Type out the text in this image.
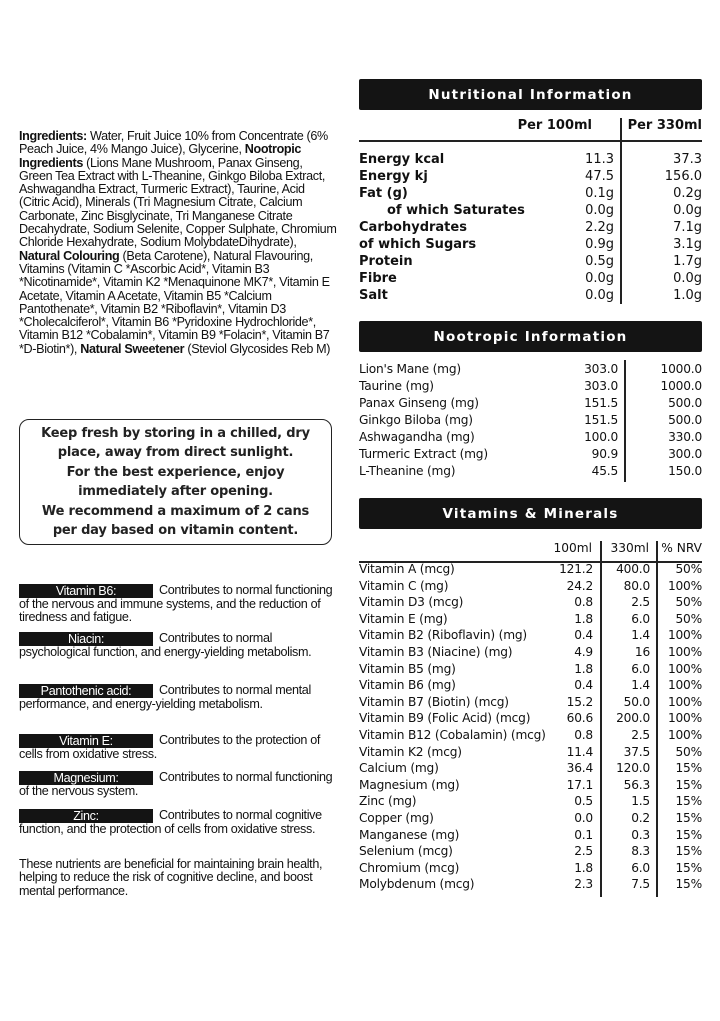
Ingredients: Water, Fruit Juice 10% from Concentrate (6% Peach Juice, 4% Mango Juice), Glycerine, Nootropic Ingredients (Lions Mane Mushroom, Panax Ginseng, Green Tea Extract with L-Theanine, Ginkgo Biloba Extract, Ashwagandha Extract, Turmeric Extract), Taurine, Acid (Citric Acid), Minerals (Tri Magnesium Citrate, Calcium Carbonate, Zinc Bisglycinate, Tri Manganese Citrate Decahydrate, Sodium Selenite, Copper Sulphate, Chromium Chloride Hexahydrate, Sodium MolybdateDihydrate), Natural Colouring (Beta Carotene), Natural Flavouring, Vitamins (Vitamin C *Ascorbic Acid*, Vitamin B3 *Nicotinamide*, Vitamin K2 *Menaquinone MK7*, Vitamin E Acetate, Vitamin A Acetate, Vitamin B5 *Calcium Pantothenate*, Vitamin B2 *Riboflavin*, Vitamin D3 *Cholecalciferol*, Vitamin B6 *Pyridoxine Hydrochloride*, Vitamin B12 *Cobalamin*, Vitamin B9 *Folacin*, Vitamin B7 *D-Biotin*), Natural Sweetener (Steviol Glycosides Reb M)

Keep fresh by storing in a chilled, dry
place, away from direct sunlight.
For the best experience, enjoy
immediately after opening.
We recommend a maximum of 2 cans
per day based on vitamin content.

Vitamin B6:	Contributes to normal functioning of the nervous and immune systems, and the reduction of tiredness and fatigue.
Niacin:	Contributes to normal psychological function, and energy-yielding metabolism.
Pantothenic acid: Contributes to normal mental performance, and energy-yielding metabolism.
Vitamin E:	Contributes to the protection of cells from oxidative stress.
Magnesium:	Contributes to normal functioning of the nervous system.
Zinc:	Contributes to normal cognitive function, and the protection of cells from oxidative stress.
These nutrients are beneficial for maintaining brain health, helping to reduce the risk of cognitive decline, and boost mental performance.
Nutritional Information
Per 100ml	Per 330ml
Energy kcal	11.3	37.3
Energy kj	47.5	156.0
Fat (g)	0.1g	0.2g
of which Saturates	0.0g	0.0g
Carbohydrates	2.2g	7.1g
of which Sugars	0.9g	3.1g
Protein	0.5g	1.7g
Fibre	0.0g	0.0g
Salt	0.0g	1.0g
Nootropic Information
Lion's Mane (mg)	303.0	1000.0
Taurine (mg)	303.0	1000.0
Panax Ginseng (mg)	151.5	500.0
Ginkgo Biloba (mg)	151.5	500.0
Ashwagandha (mg)	100.0	330.0
Turmeric Extract (mg)	90.9	300.0
L-Theanine (mg)	45.5	150.0
Vitamins & Minerals
100ml 330ml % NRV
Vitamin A (mcg)	121.2 400.0 50%
Vitamin C (mg)	24.2	80.0 100%
Vitamin D3 (mcg)	0.8	2.5 50%
Vitamin E (mg)	1.8	6.0 50%
Vitamin B2 (Riboflavin) (mg)	0.4	1.4 100%
Vitamin B3 (Niacine) (mg)	4.9	16 100%
Vitamin B5 (mg)	1.8	6.0 100%
Vitamin B6 (mg)	0.4	1.4 100%
Vitamin B7 (Biotin) (mcg)	15.2	50.0 100%
Vitamin B9 (Folic Acid) (mcg)	60.6 200.0 100%
Vitamin B12 (Cobalamin) (mcg) 0.8	2.5 100%
Vitamin K2 (mcg)	11.4	37.5 50%
Calcium (mg)	36.4 120.0 15%
Magnesium (mg)	17.1	56.3 15%
Zinc (mg)	0.5	1.5 15%
Copper (mg)	0.0	0.2 15%
Manganese (mg)	0.1	0.3 15%
Selenium (mcg)	2.5	8.3 15%
Chromium (mcg)	1.8	6.0 15%
Molybdenum (mcg)	2.3	7.5 15%
